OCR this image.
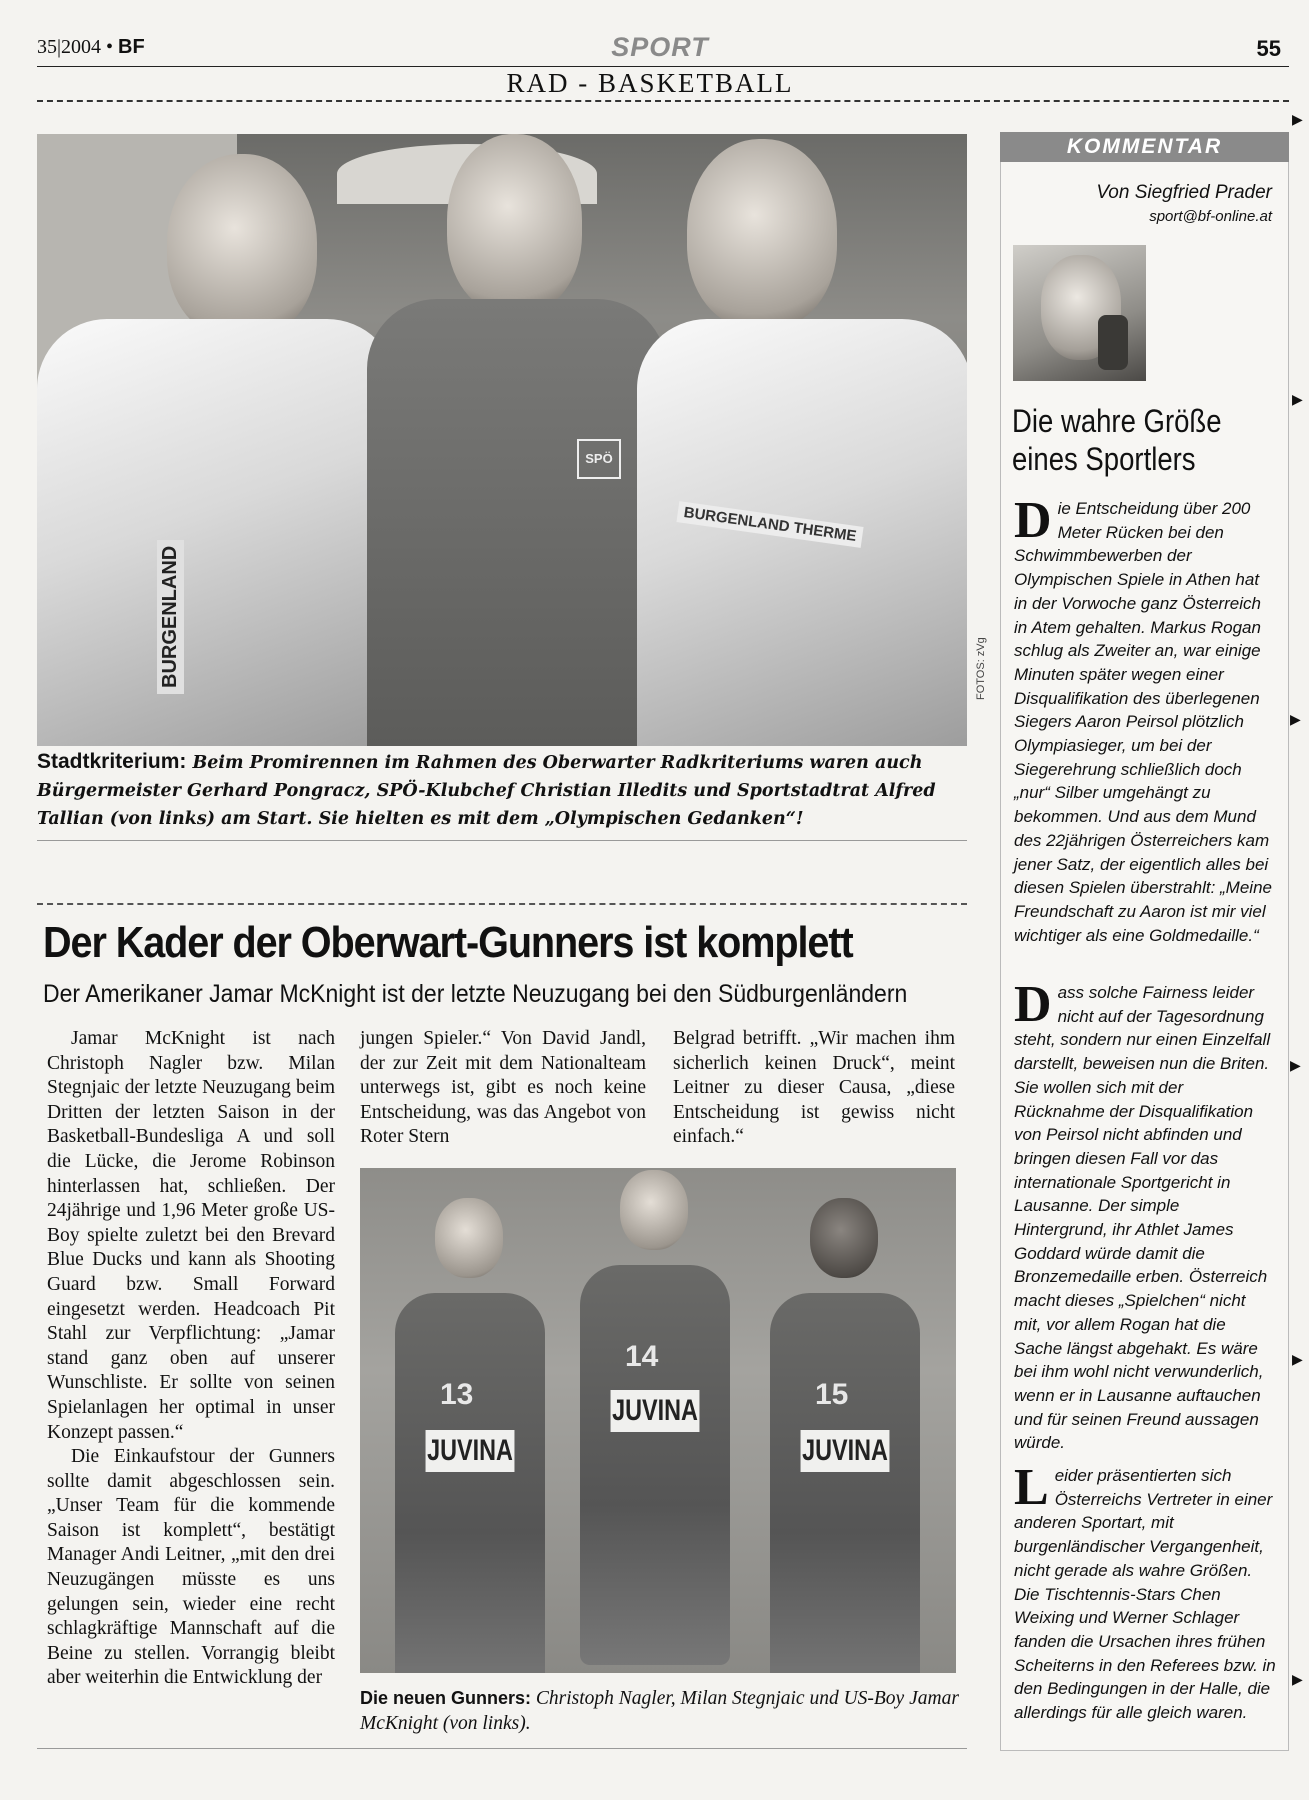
35|2004 • BF	SPORT	55
RAD - BASKETBALL
BURGENLAND
SPÖ
BURGENLAND THERME
FOTOS: zVg
Stadtkriterium: Beim Promirennen im Rahmen des Oberwarter Radkriteriums waren auch Bürgermeister Gerhard Pongracz, SPÖ-Klubchef Christian Illedits und Sportstadtrat Alfred Tallian (von links) am Start. Sie hielten es mit dem „Olympischen Gedanken“!
Der Kader der Oberwart-Gunners ist komplett
Der Amerikaner Jamar McKnight ist der letzte Neuzugang bei den Südburgenländern

Jamar McKnight ist nach Christoph Nagler bzw. Milan Stegnjaic der letzte Neuzugang beim Dritten der letzten Saison in der Basketball-Bundesliga A und soll die Lücke, die Jerome Robinson hinterlassen hat, schließen. Der 24jährige und 1,96 Meter große US-Boy spielte zuletzt bei den Brevard Blue Ducks und kann als Shooting Guard bzw. Small Forward eingesetzt werden. Headcoach Pit Stahl zur Verpflichtung: „Jamar stand ganz oben auf unserer Wunschliste. Er sollte von seinen Spielanlagen her optimal in unser Konzept passen.“

Die Einkaufstour der Gunners sollte damit abgeschlossen sein. „Unser Team für die kommende Saison ist komplett“, bestätigt Manager Andi Leitner, „mit den drei Neuzugängen müsste es uns gelungen sein, wieder eine recht schlagkräftige Mannschaft auf die Beine zu stellen. Vorrangig bleibt aber weiterhin die Entwicklung der

jungen Spieler.“ Von David Jandl, der zur Zeit mit dem Nationalteam unterwegs ist, gibt es noch keine Entscheidung, was das Angebot von Roter Stern

Belgrad betrifft. „Wir machen ihm sicherlich keinen Druck“, meint Leitner zu dieser Causa, „diese Entscheidung ist gewiss nicht einfach.“

13
JUVINA
14
JUVINA	15
JUVINA
Die neuen Gunners: Christoph Nagler, Milan Stegnjaic und US-Boy Jamar McKnight (von links).
KOMMENTAR
Von Siegfried Prader
sport@bf-online.at
Die wahre Größe
eines Sportlers

Die Entscheidung über 200 Meter Rücken bei den Schwimmbewerben der Olympischen Spiele in Athen hat in der Vorwoche ganz Österreich in Atem gehalten. Markus Rogan schlug als Zweiter an, war einige Minuten später wegen einer Disqualifikation des überlegenen Siegers Aaron Peirsol plötzlich Olympiasieger, um bei der Siegerehrung schließlich doch „nur“ Silber umgehängt zu bekommen. Und aus dem Mund des 22jährigen Österreichers kam jener Satz, der eigentlich alles bei diesen Spielen überstrahlt: „Meine Freundschaft zu Aaron ist mir viel wichtiger als eine Goldmedaille.“

Dass solche Fairness leider nicht auf der Tagesordnung steht, sondern nur einen Einzelfall darstellt, beweisen nun die Briten. Sie wollen sich mit der Rücknahme der Disqualifikation von Peirsol nicht abfinden und bringen diesen Fall vor das internationale Sportgericht in Lausanne. Der simple Hintergrund, ihr Athlet James Goddard würde damit die Bronzemedaille erben. Österreich macht dieses „Spielchen“ nicht mit, vor allem Rogan hat die Sache längst abgehakt. Es wäre bei ihm wohl nicht verwunderlich, wenn er in Lausanne auftauchen und für seinen Freund aussagen würde.

Leider präsentierten sich Österreichs Vertreter in einer anderen Sportart, mit burgenländischer Vergangenheit, nicht gerade als wahre Größen. Die Tischtennis-Stars Chen Weixing und Werner Schlager fanden die Ursachen ihres frühen Scheiterns in den Referees bzw. in den Bedingungen in der Halle, die allerdings für alle gleich waren.

▶
▶
▶
▶
▶
▶
